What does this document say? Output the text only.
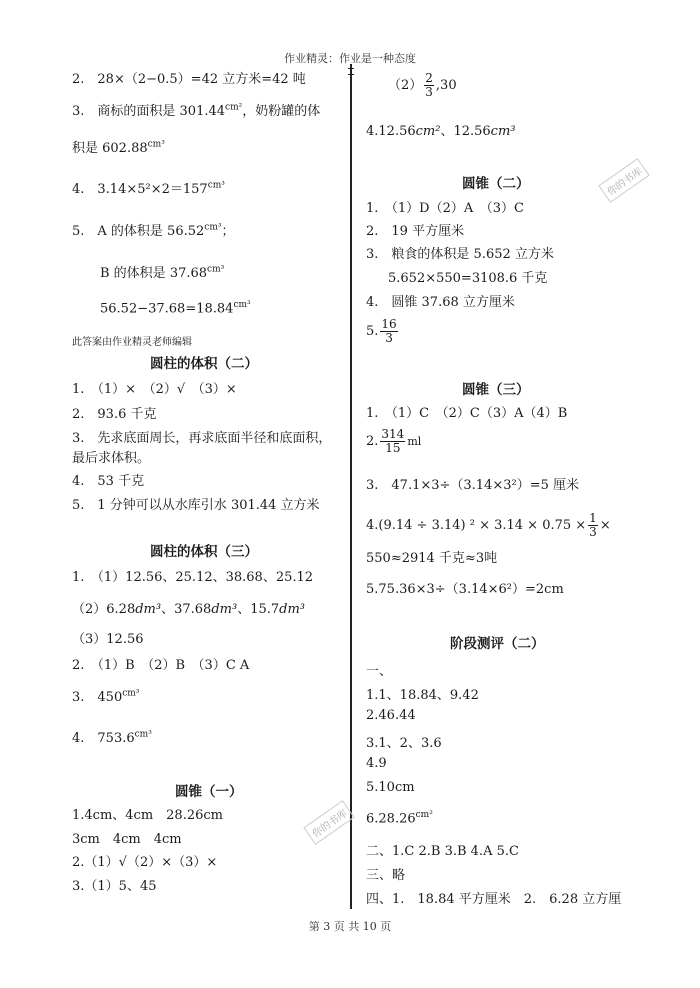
作业精灵：作业是一种态度
2.　28×（2−0.5）=42 立方米=42 吨
3.　商标的面积是 $301.44^{cm^2}$，奶粉罐的体
积是 $602.88^{cm^3}$
4.　$3.14\times 5^2\times 2=157^{cm^3}$
5.　A 的体积是 $56.52^{cm^3}$；
B 的体积是 $37.68^{cm^3}$
$56.52-37.68=18.84^{cm^3}$
此答案由作业精灵老师编辑
圆柱的体积（二）
1.　（1）×　（2）√　（3）×
2.　93.6 千克
3.　先求底面周长，再求底面半径和底面积，
最后求体积。
4.　53 千克
5.　1 分钟可以从水库引水 301.44 立方米
圆柱的体积（三）
1.　（1）12.56、25.12、38.68、25.12
（2）6.28dm³、37.68dm³、15.7dm³
（3）12.56
2.　（1）B　（2）B　（3）C A
3.　$450^{cm^3}$
4.　$753.6^{cm^3}$
圆锥（一）
1.4cm、4cm　28.26cm
3cm　4cm　4cm
2.（1）√（2）×（3）×
3.（1）5、45
$(2) \frac{2}{3} ,30$
4.12.56cm²、12.56cm³
圆锥（二）
1.　（1）D（2）A　（3）C
2.　19 平方厘米
3.　粮食的体积是 5.652 立方米
5.652×550=3108.6 千克
4.　圆锥 37.68 立方厘米
5. $\frac{16}{3}$
圆锥（三）
1.　（1）C　（2）C（3）A（4）B
2. $\frac{314}{15}$ ml
3.　47.1×3÷（3.14×3²）=5 厘米
4.(9.14 ÷ 3.14) $^2 \times 3.14 \times 0.75 \times \frac{1}{3}$ ×
550≈2914 千克≈3吨
5.75.36×3÷（3.14×6²）=2cm
阶段测评（二）
一、
1.1、18.84、9.42
2.46.44
3.1、2、3.6
4.9
5.10cm
$6.28.26^{cm^2}$
二、1.C 2.B 3.B 4.A 5.C
三、略
四、1.　18.84 平方厘米　2.　6.28 立方厘
你的书库
你的书库
第 3 页 共 10 页
